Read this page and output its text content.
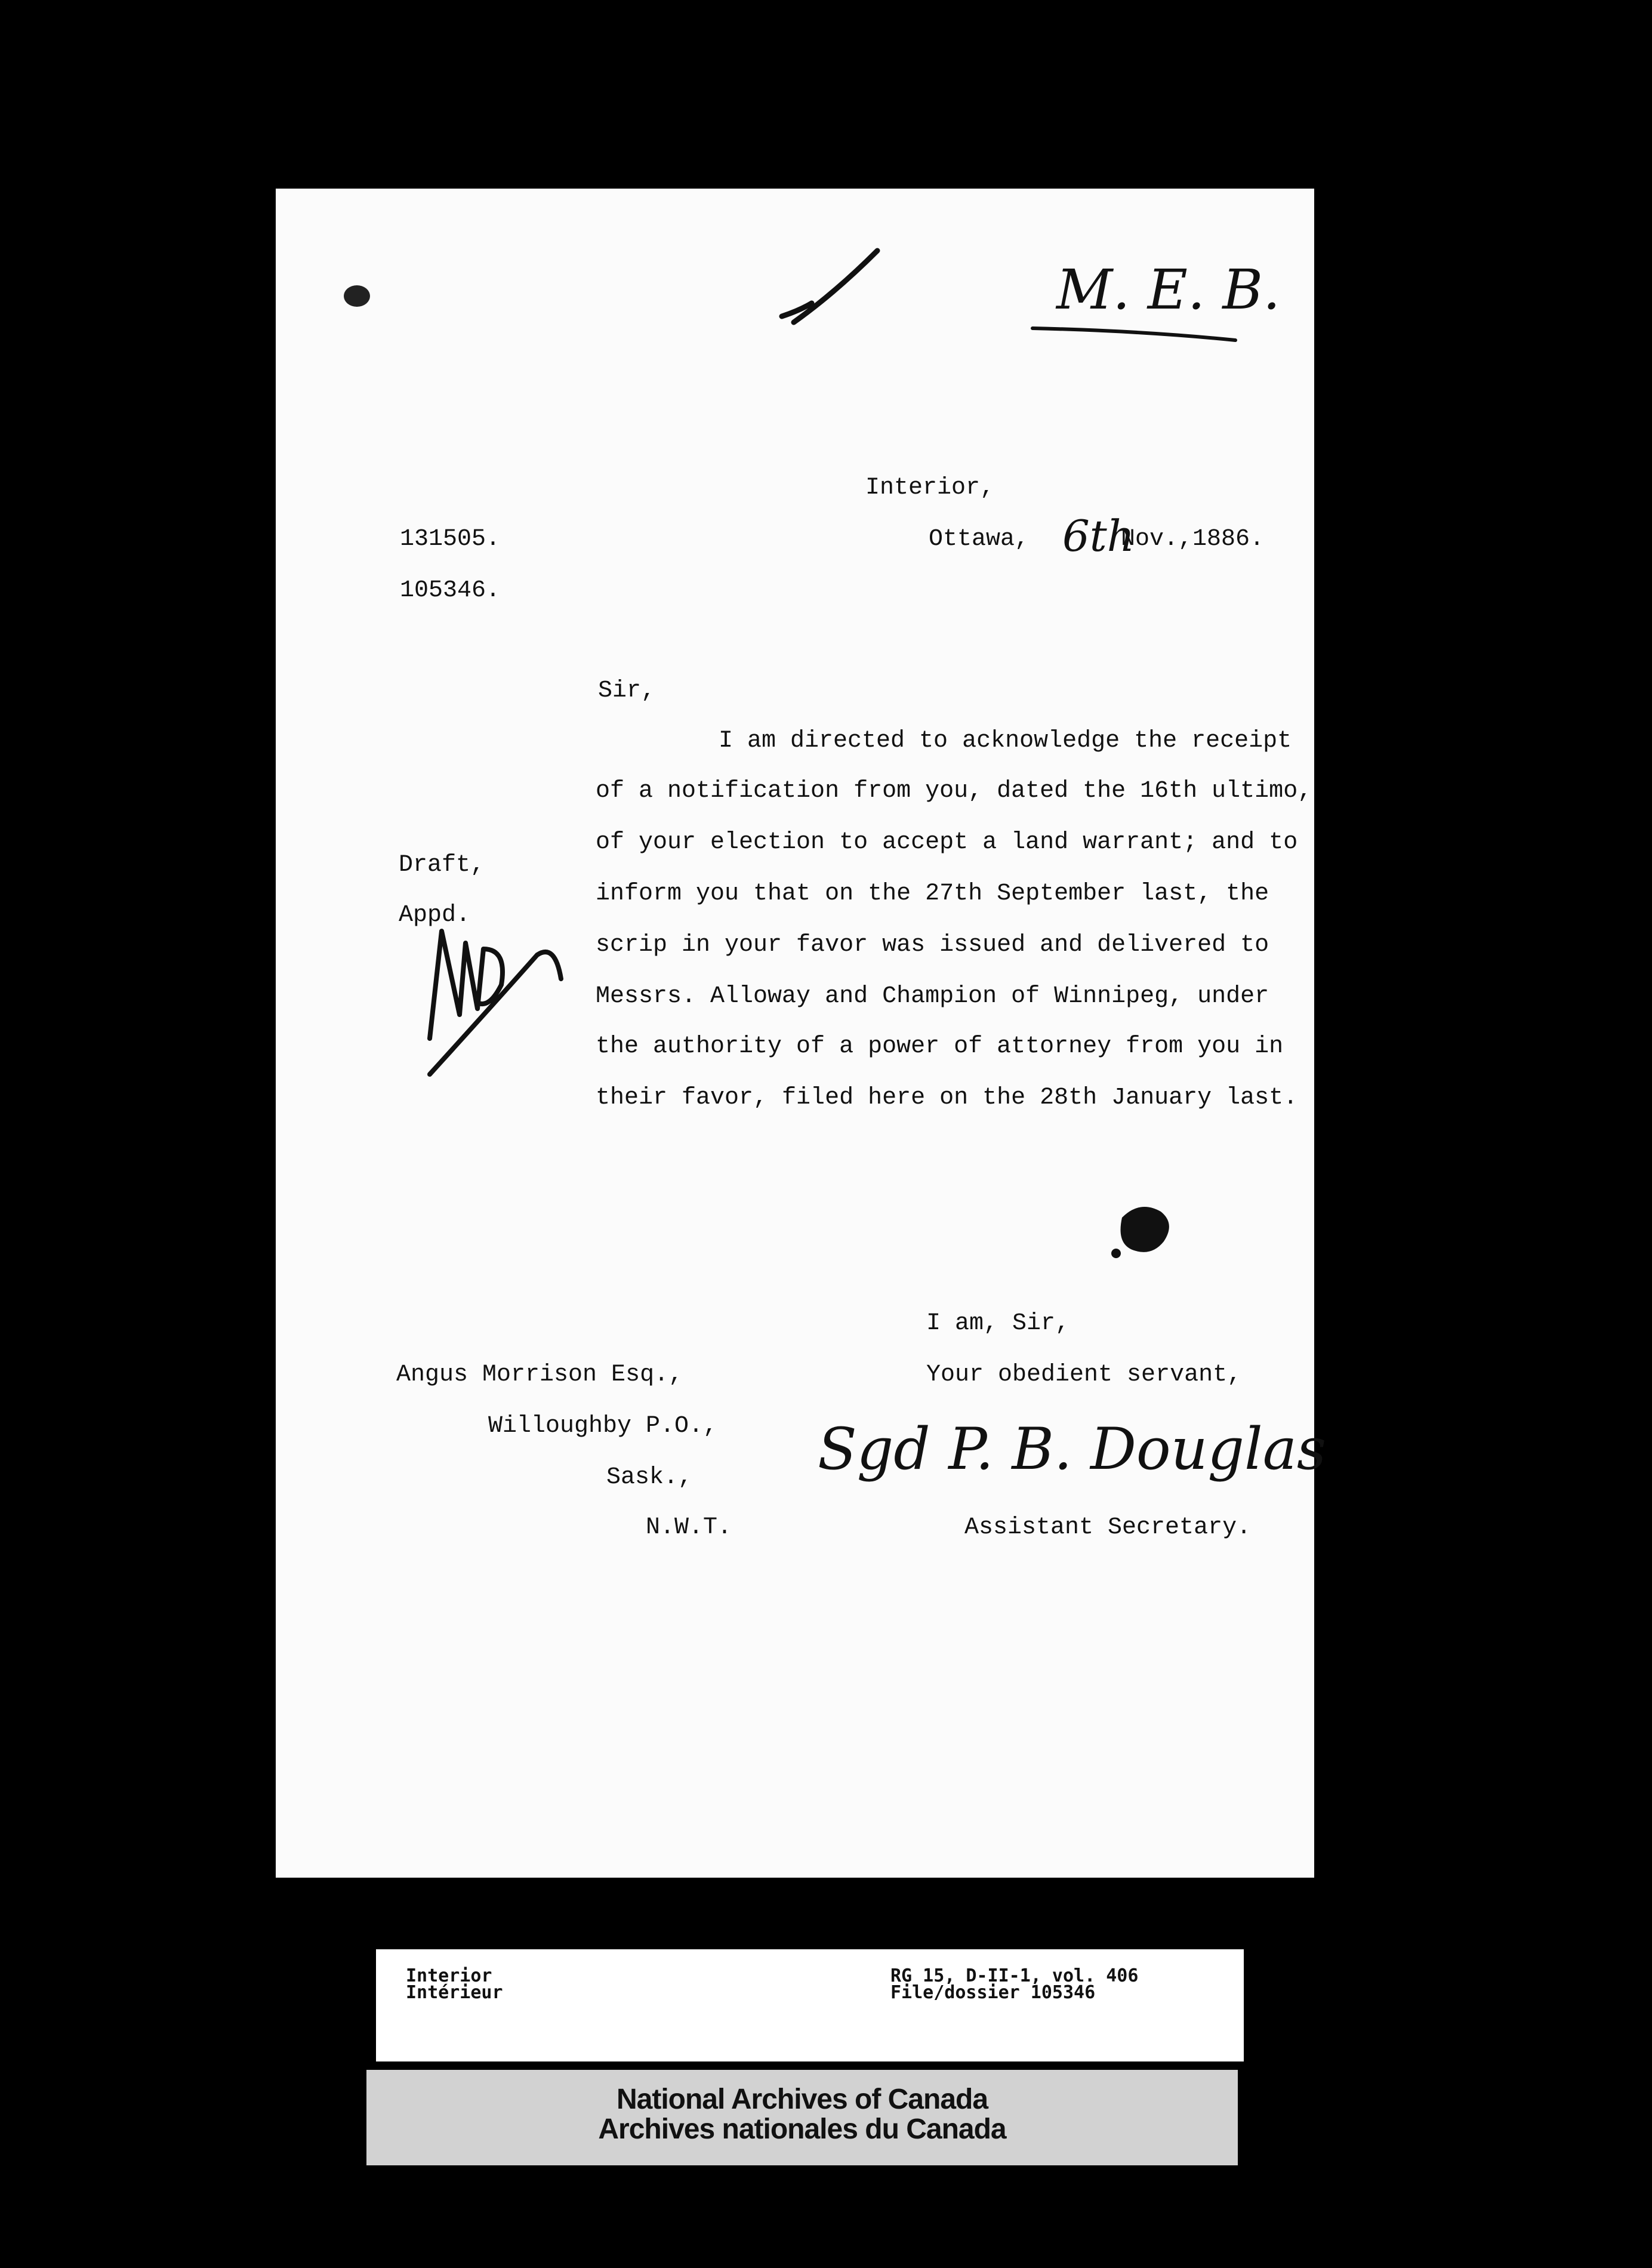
M. E. B.
Interior,
Ottawa, 6th
Nov.,1886.
131505.
105346.
Sir,
I am directed to acknowledge the receipt
of a notification from you, dated the 16th ultimo,
of your election to accept a land warrant; and to
inform you that on the 27th September last, the
scrip in your favor was issued and delivered to
Messrs. Alloway and Champion of Winnipeg, under
the authority of a power of attorney from you in
their favor, filed here on the 28th January last.
Draft,
Appd.
I am, Sir,
Your obedient servant,
Sgd P. B. Douglas
Assistant Secretary.
Angus Morrison Esq.,
Willoughby P.O.,
Sask.,
N.W.T.
Interior
Intérieur
RG 15, D-II-1, vol. 406
File/dossier 105346
National Archives of Canada
Archives nationales du Canada
